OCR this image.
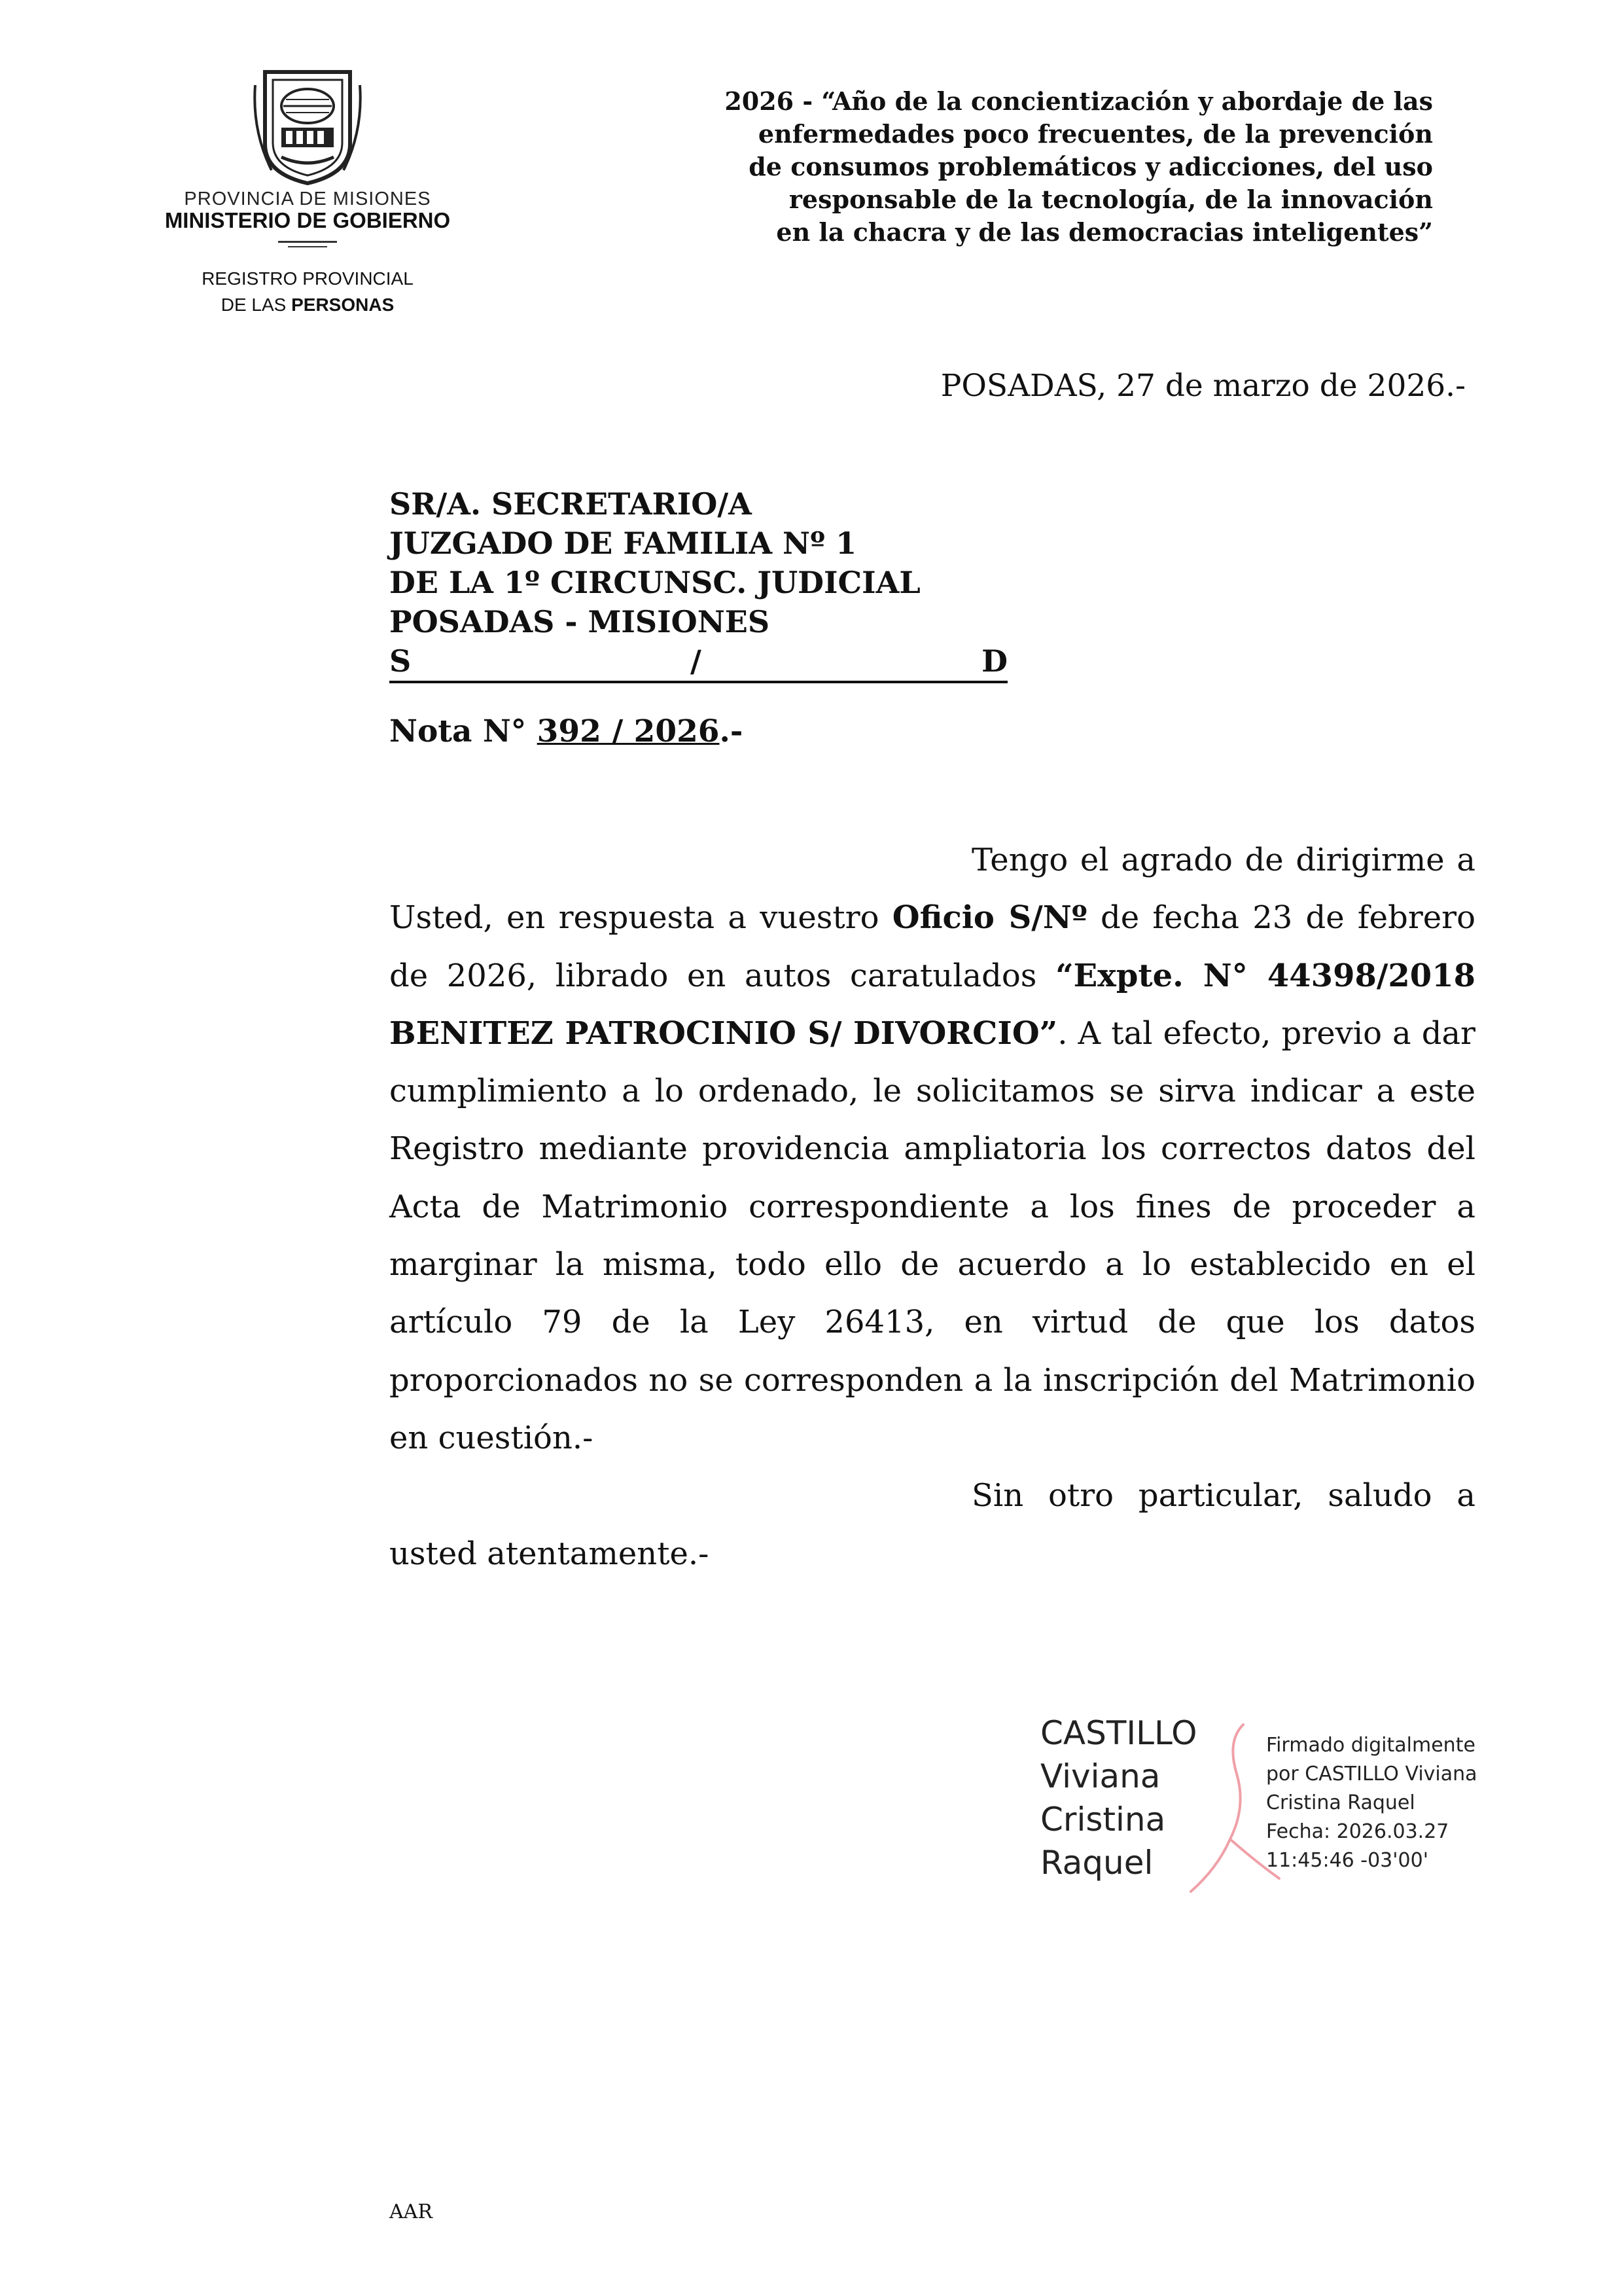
PROVINCIA DE MISIONES
MINISTERIO DE GOBIERNO
REGISTRO PROVINCIAL
DE LAS PERSONAS
2026 - “Año de la concientización y abordaje de las
enfermedades poco frecuentes, de la prevención
de consumos problemáticos y adicciones, del uso
responsable de la tecnología, de la innovación
en la chacra y de las democracias inteligentes”
POSADAS, 27 de marzo de 2026.-
SR/A. SECRETARIO/A
JUZGADO DE FAMILIA Nº 1
DE LA 1º CIRCUNSC. JUDICIAL
POSADAS - MISIONES
S	/	D
Nota N° 392 / 2026.-

Tengo el agrado de dirigirme a Usted, en respuesta a vuestro Oficio S/Nº de fecha 23 de febrero de 2026, librado en autos caratulados “Expte. N° 44398/2018 BENITEZ PATROCINIO S/ DIVORCIO”. A tal efecto, previo a dar cumplimiento a lo ordenado, le solicitamos se sirva indicar a este Registro mediante providencia ampliatoria los correctos datos del Acta de Matrimonio correspondiente a los fines de proceder a marginar la misma, todo ello de acuerdo a lo establecido en el artículo 79 de la Ley 26413, en virtud de que los datos proporcionados no se corresponden a la inscripción del Matrimonio en cuestión.-

Sin otro particular, saludo a usted atentamente.-

CASTILLO
Viviana
Cristina
Raquel
Firmado digitalmente
por CASTILLO Viviana
Cristina Raquel
Fecha: 2026.03.27
11:45:46 -03'00'
AAR
